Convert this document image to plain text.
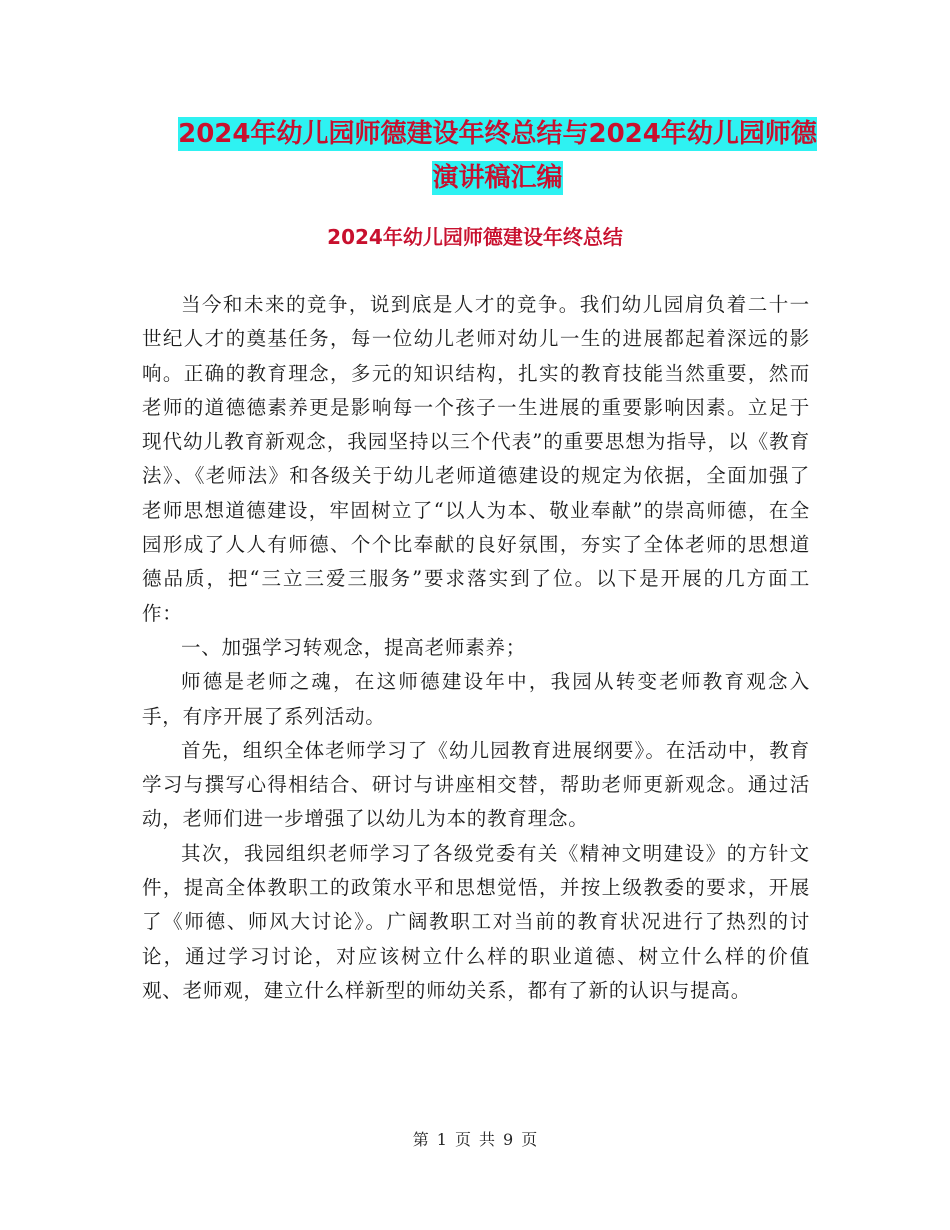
2024年幼儿园师德建设年终总结与2024年幼儿园师德
演讲稿汇编
2024年幼儿园师德建设年终总结

当今和未来的竞争，说到底是人才的竞争。我们幼儿园肩负着二十一世纪人才的奠基任务，每一位幼儿老师对幼儿一生的进展都起着深远的影响。正确的教育理念，多元的知识结构，扎实的教育技能当然重要，然而老师的道德德素养更是影响每一个孩子一生进展的重要影响因素。立足于现代幼儿教育新观念，我园坚持以三个代表”的重要思想为指导，以《教育法》、《老师法》和各级关于幼儿老师道德建设的规定为依据，全面加强了老师思想道德建设，牢固树立了“以人为本、敬业奉献”的崇高师德，在全园形成了人人有师德、个个比奉献的良好氛围，夯实了全体老师的思想道德品质，把“三立三爱三服务”要求落实到了位。以下是开展的几方面工作：

一、加强学习转观念，提高老师素养；

师德是老师之魂，在这师德建设年中，我园从转变老师教育观念入手，有序开展了系列活动。

首先，组织全体老师学习了《幼儿园教育进展纲要》。在活动中，教育学习与撰写心得相结合、研讨与讲座相交替，帮助老师更新观念。通过活动，老师们进一步增强了以幼儿为本的教育理念。

其次，我园组织老师学习了各级党委有关《精神文明建设》的方针文件，提高全体教职工的政策水平和思想觉悟，并按上级教委的要求，开展了《师德、师风大讨论》。广阔教职工对当前的教育状况进行了热烈的讨论，通过学习讨论，对应该树立什么样的职业道德、树立什么样的价值观、老师观，建立什么样新型的师幼关系，都有了新的认识与提高。

第 1 页 共 9 页
